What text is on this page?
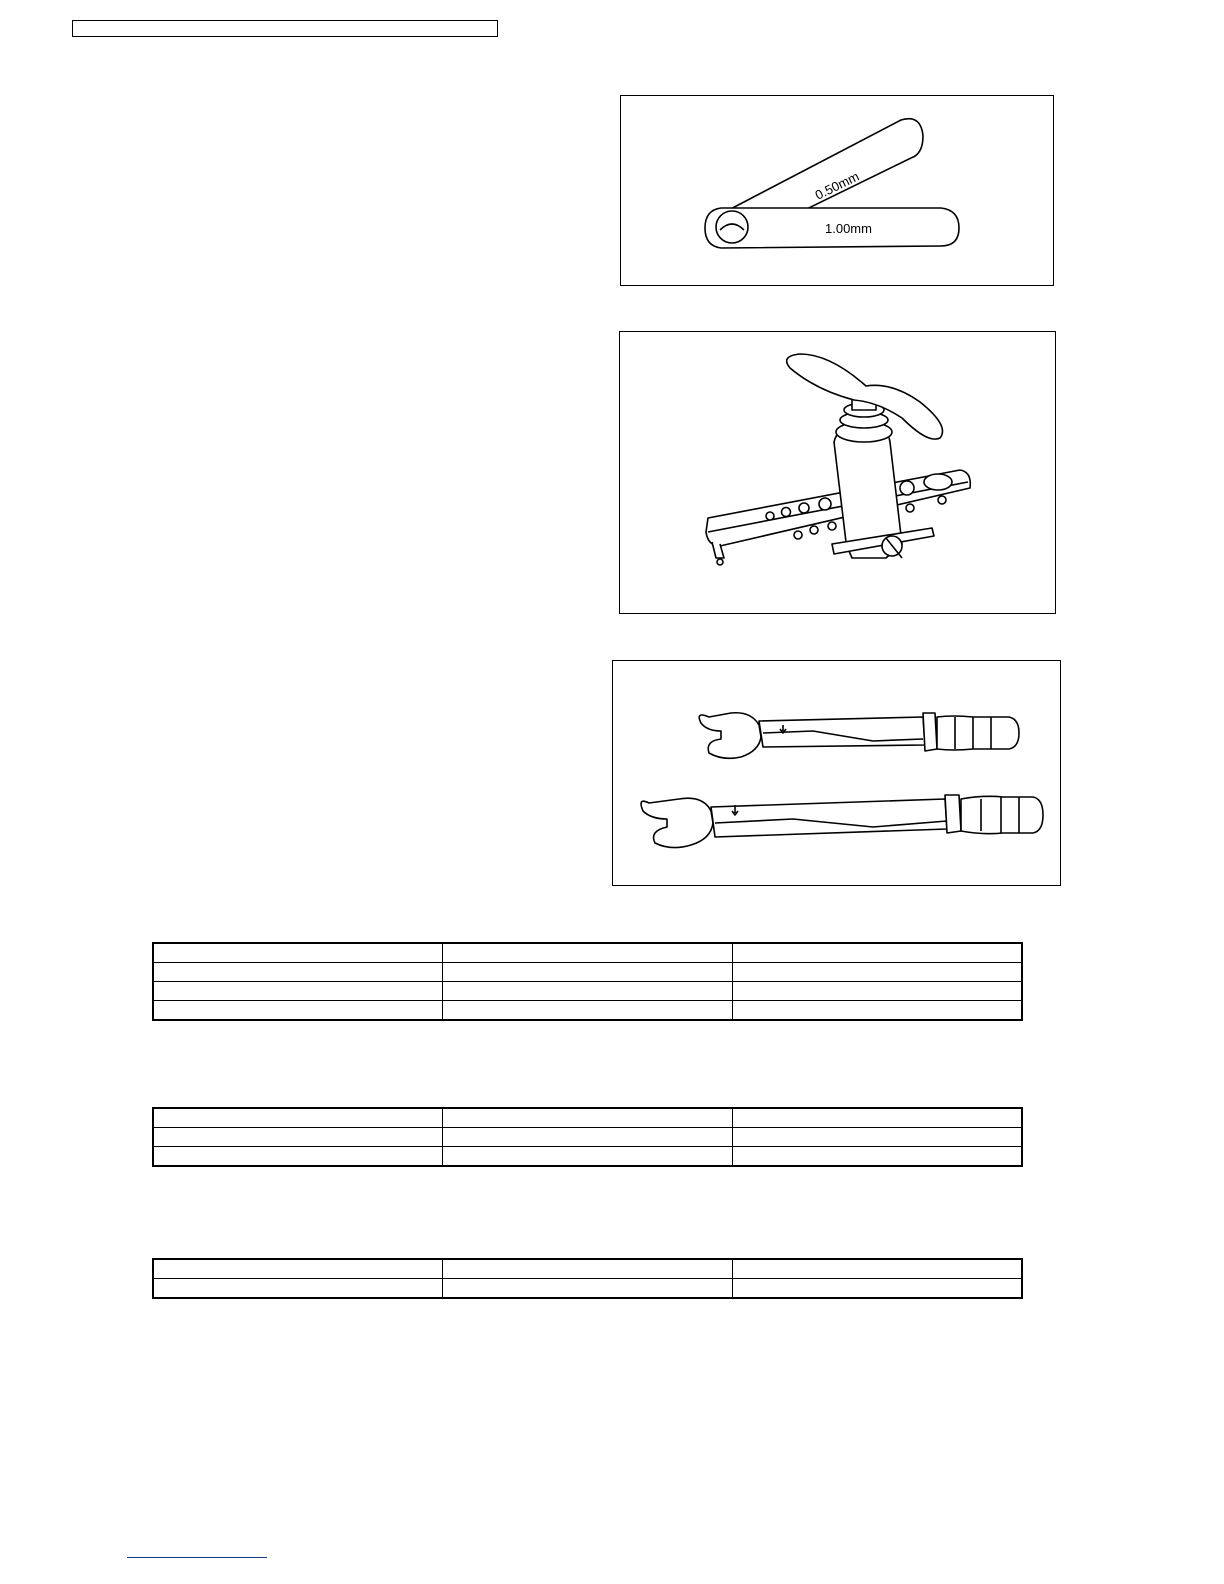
0.50mm
1.00mm
